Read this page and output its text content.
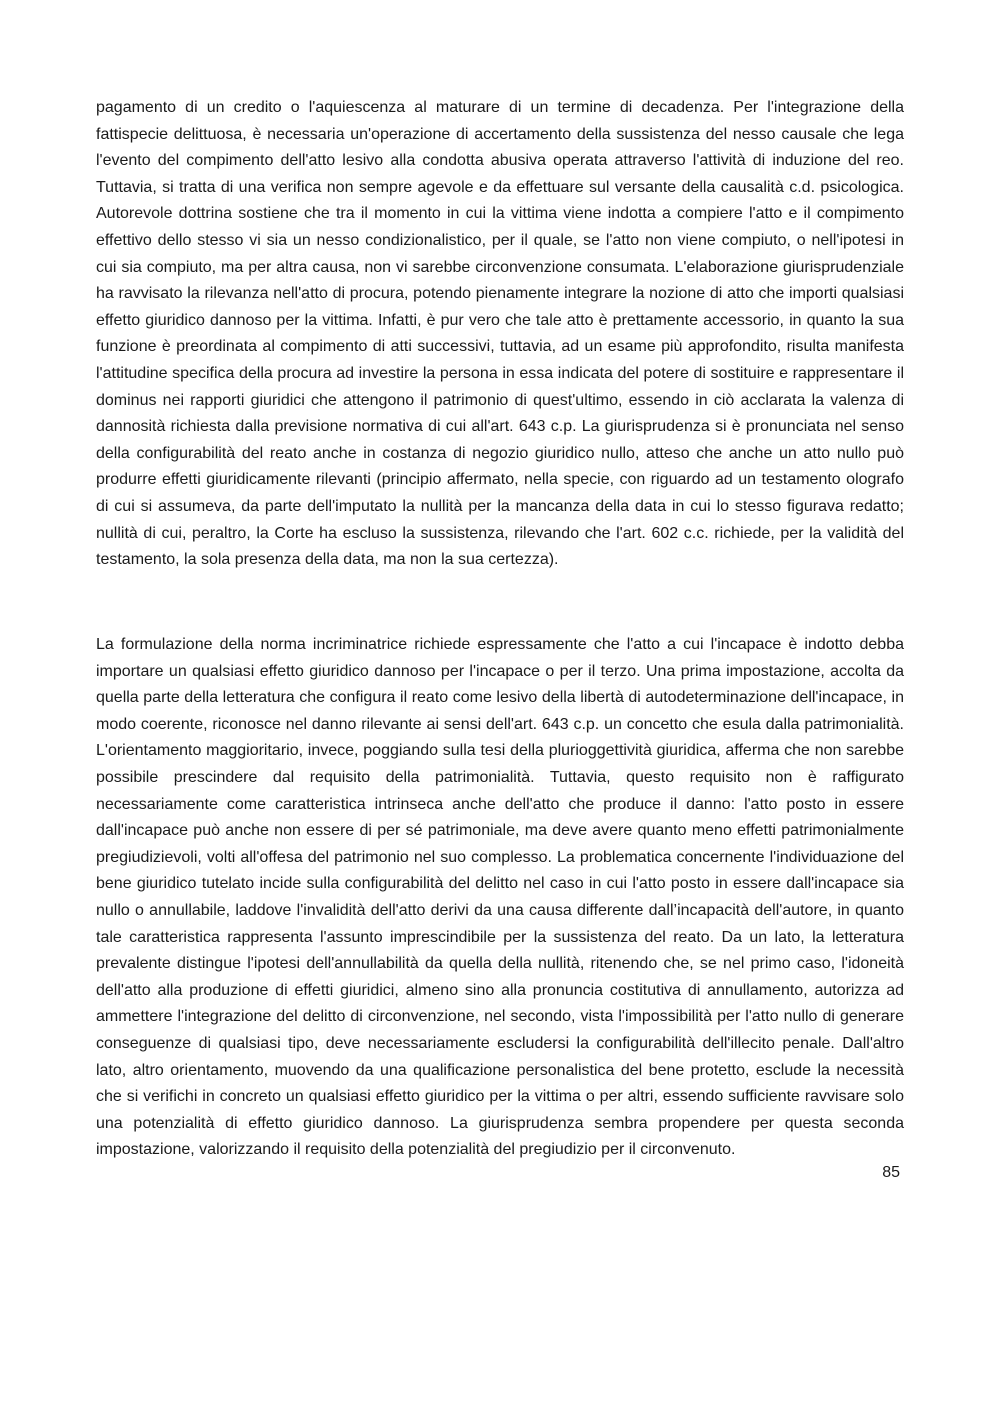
pagamento di un credito o l'aquiescenza al maturare di un termine di decadenza. Per l'integrazione della fattispecie delittuosa, è necessaria un'operazione di accertamento della sussistenza del nesso causale che lega l'evento del compimento dell'atto lesivo alla condotta abusiva operata attraverso l'attività di induzione del reo. Tuttavia, si tratta di una verifica non sempre agevole e da effettuare sul versante della causalità c.d. psicologica. Autorevole dottrina sostiene che tra il momento in cui la vittima viene indotta a compiere l'atto e il compimento effettivo dello stesso vi sia un nesso condizionalistico, per il quale, se l'atto non viene compiuto, o nell'ipotesi in cui sia compiuto, ma per altra causa, non vi sarebbe circonvenzione consumata. L'elaborazione giurisprudenziale ha ravvisato la rilevanza nell'atto di procura, potendo pienamente integrare la nozione di atto che importi qualsiasi effetto giuridico dannoso per la vittima. Infatti, è pur vero che tale atto è prettamente accessorio, in quanto la sua funzione è preordinata al compimento di atti successivi, tuttavia, ad un esame più approfondito, risulta manifesta l'attitudine specifica della procura ad investire la persona in essa indicata del potere di sostituire e rappresentare il dominus nei rapporti giuridici che attengono il patrimonio di quest'ultimo, essendo in ciò acclarata la valenza di dannosità richiesta dalla previsione normativa di cui all'art. 643 c.p. La giurisprudenza si è pronunciata nel senso della configurabilità del reato anche in costanza di negozio giuridico nullo, atteso che anche un atto nullo può produrre effetti giuridicamente rilevanti (principio affermato, nella specie, con riguardo ad un testamento olografo di cui si assumeva, da parte dell'imputato la nullità per la mancanza della data in cui lo stesso figurava redatto; nullità di cui, peraltro, la Corte ha escluso la sussistenza, rilevando che l'art. 602 c.c. richiede, per la validità del testamento, la sola presenza della data, ma non la sua certezza).

La formulazione della norma incriminatrice richiede espressamente che l'atto a cui l'incapace è indotto debba importare un qualsiasi effetto giuridico dannoso per l'incapace o per il terzo. Una prima impostazione, accolta da quella parte della letteratura che configura il reato come lesivo della libertà di autodeterminazione dell'incapace, in modo coerente, riconosce nel danno rilevante ai sensi dell'art. 643 c.p. un concetto che esula dalla patrimonialità. L'orientamento maggioritario, invece, poggiando sulla tesi della plurioggettività giuridica, afferma che non sarebbe possibile prescindere dal requisito della patrimonialità. Tuttavia, questo requisito non è raffigurato necessariamente come caratteristica intrinseca anche dell'atto che produce il danno: l'atto posto in essere dall'incapace può anche non essere di per sé patrimoniale, ma deve avere quanto meno effetti patrimonialmente pregiudizievoli, volti all'offesa del patrimonio nel suo complesso. La problematica concernente l'individuazione del bene giuridico tutelato incide sulla configurabilità del delitto nel caso in cui l'atto posto in essere dall'incapace sia nullo o annullabile, laddove l'invalidità dell'atto derivi da una causa differente dall’incapacità dell'autore, in quanto tale caratteristica rappresenta l'assunto imprescindibile per la sussistenza del reato. Da un lato, la letteratura prevalente distingue l'ipotesi dell'annullabilità da quella della nullità, ritenendo che, se nel primo caso, l'idoneità dell'atto alla produzione di effetti giuridici, almeno sino alla pronuncia costitutiva di annullamento, autorizza ad ammettere l'integrazione del delitto di circonvenzione, nel secondo, vista l'impossibilità per l'atto nullo di generare conseguenze di qualsiasi tipo, deve necessariamente escludersi la configurabilità dell'illecito penale. Dall'altro lato, altro orientamento, muovendo da una qualificazione personalistica del bene protetto, esclude la necessità che si verifichi in concreto un qualsiasi effetto giuridico per la vittima o per altri, essendo sufficiente ravvisare solo una potenzialità di effetto giuridico dannoso. La giurisprudenza sembra propendere per questa seconda impostazione, valorizzando il requisito della potenzialità del pregiudizio per il circonvenuto.

85
